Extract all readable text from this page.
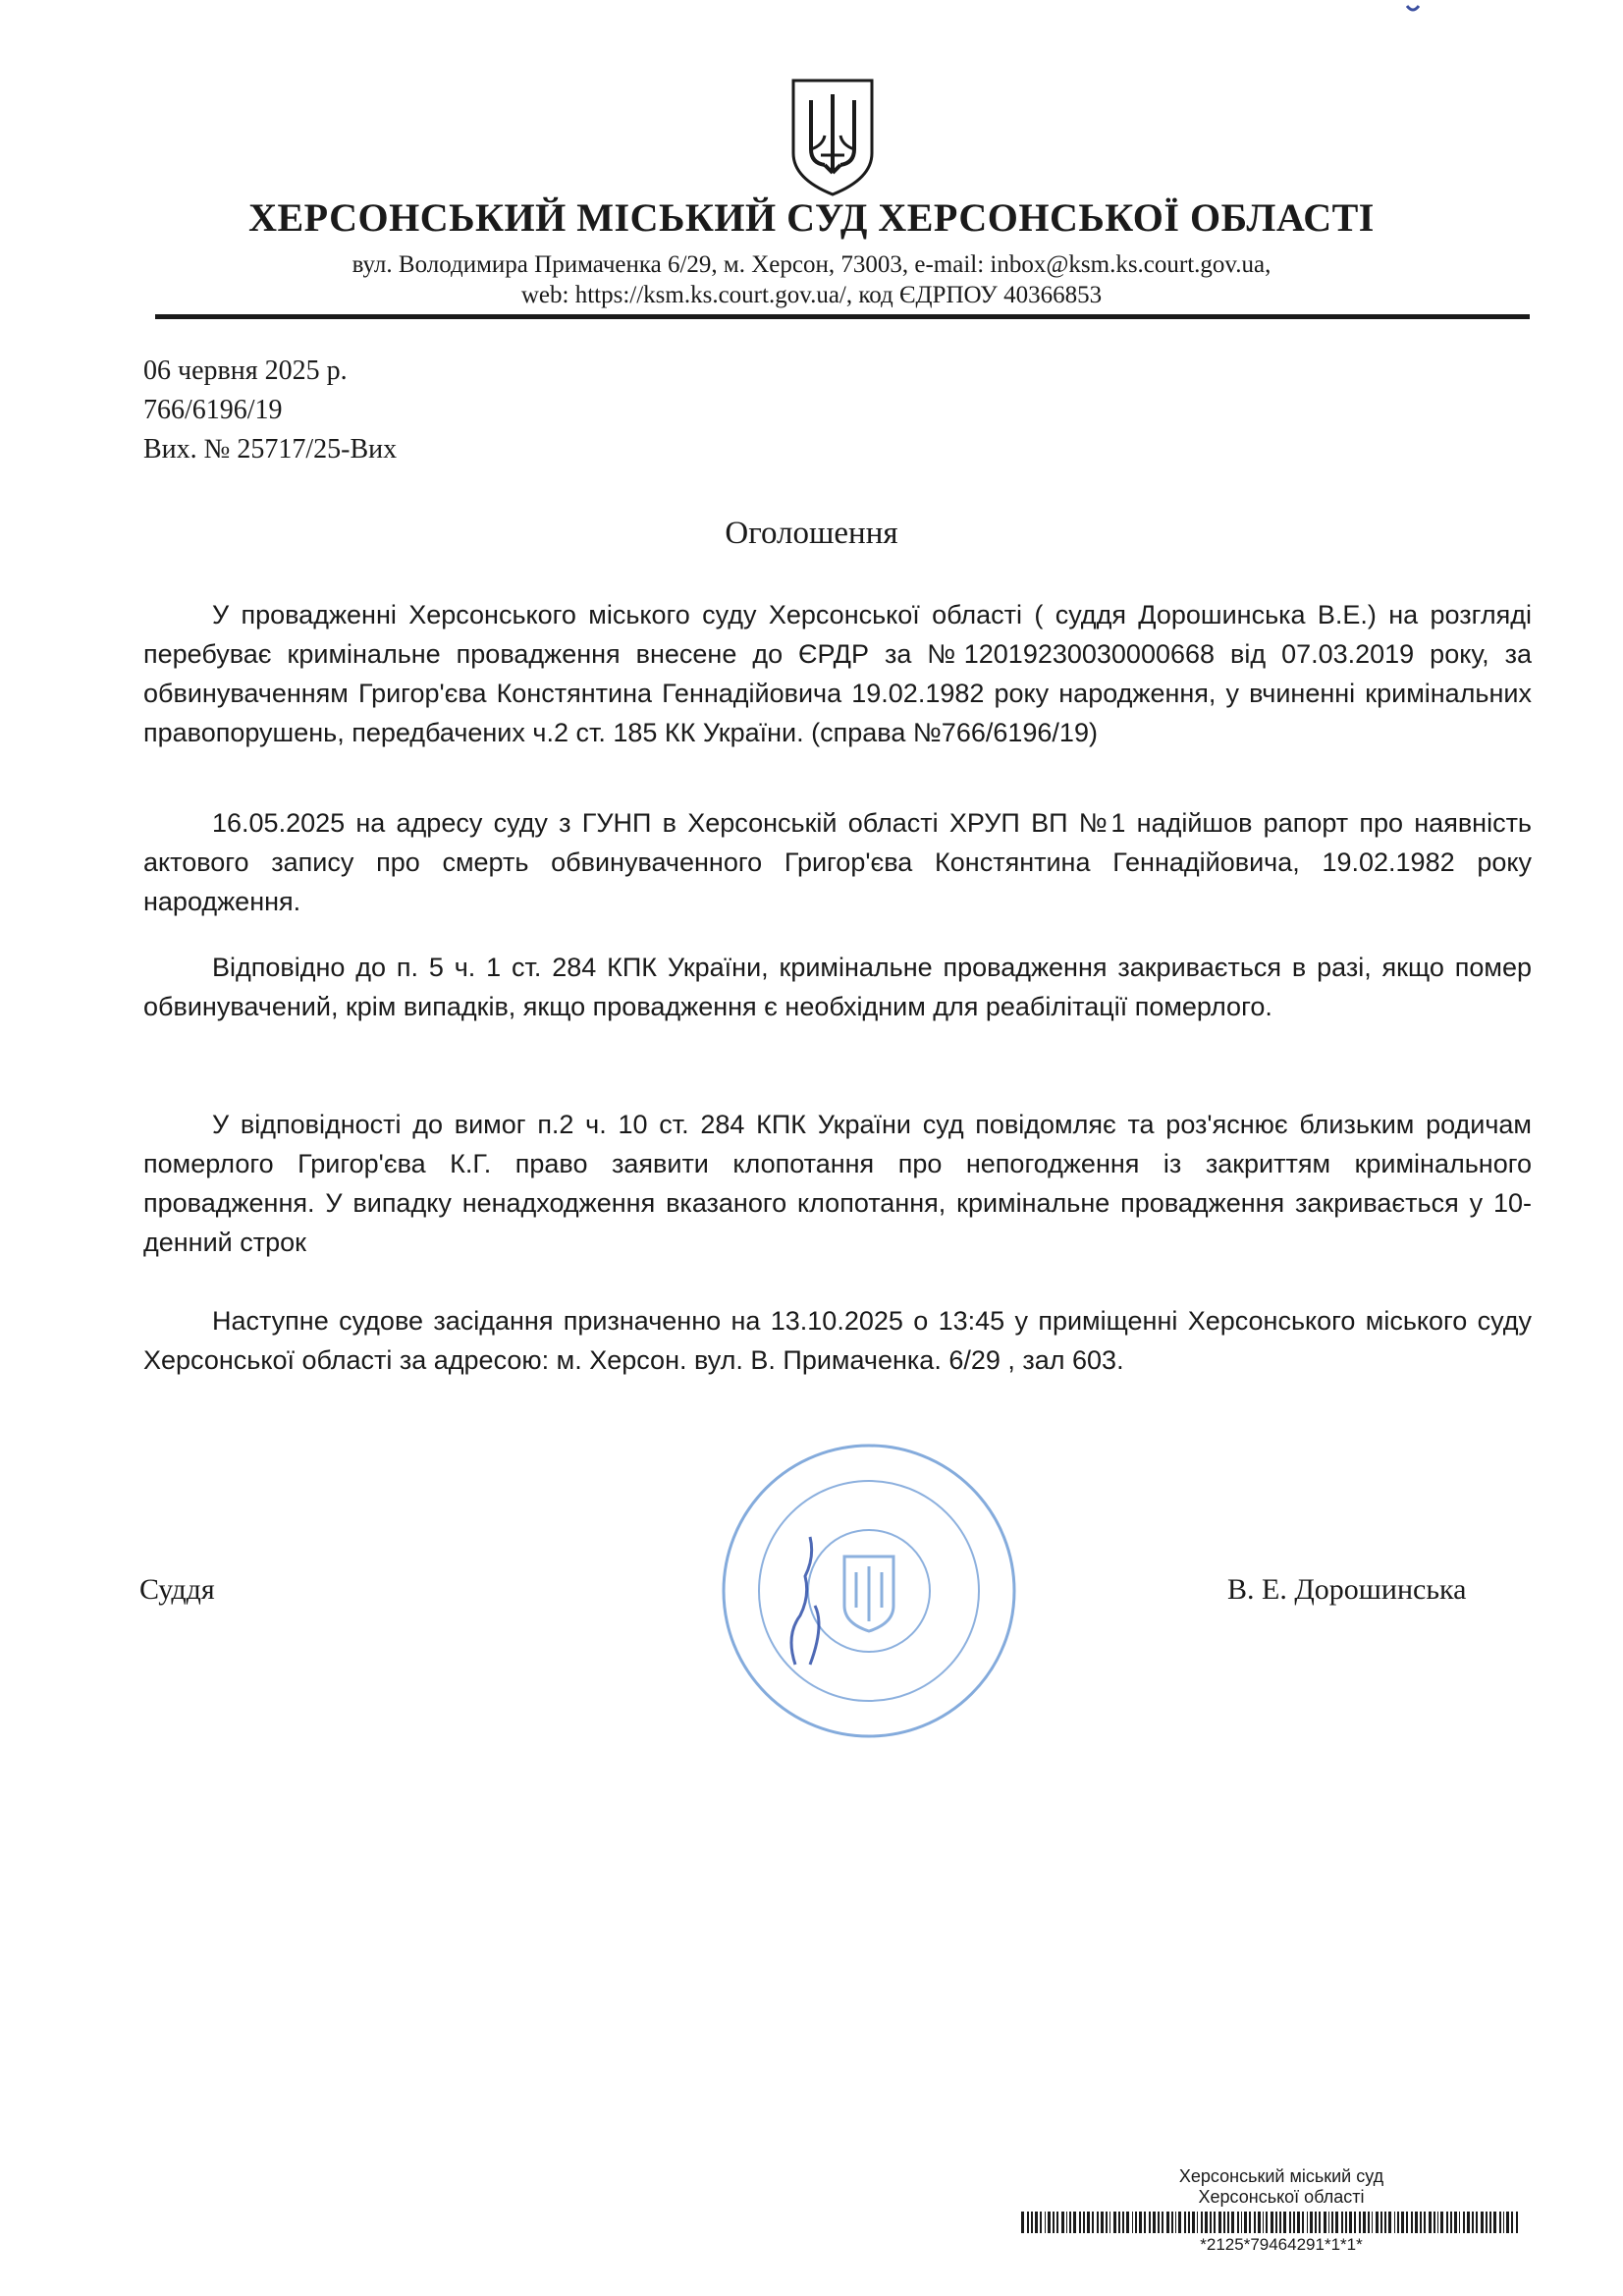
ХЕРСОНСЬКИЙ МІСЬКИЙ СУД ХЕРСОНСЬКОЇ ОБЛАСТІ
вул. Володимира Примаченка 6/29, м. Херсон, 73003, e-mail: inbox@ksm.ks.court.gov.ua,
web: https://ksm.ks.court.gov.ua/, код ЄДРПОУ 40366853
06 червня 2025 р.
766/6196/19
Вих. № 25717/25-Вих
Оголошення

У провадженні Херсонського міського суду Херсонської області ( суддя Дорошинська В.Е.) на розгляді перебуває кримінальне провадження внесене до ЄРДР за №12019230030000668 від 07.03.2019 року, за обвинуваченням Григор'єва Констянтина Геннадійовича 19.02.1982 року народження, у вчиненні кримінальних правопорушень, передбачених ч.2 ст. 185 КК України. (справа №766/6196/19)

16.05.2025 на адресу суду з ГУНП в Херсонській області ХРУП ВП №1 надійшов рапорт про наявність актового запису про смерть обвинуваченного Григор'єва Констянтина Геннадійовича, 19.02.1982 року народження.

Відповідно до п. 5 ч. 1 ст. 284 КПК України, кримінальне провадження закривається в разі, якщо помер обвинувачений, крім випадків, якщо провадження є необхідним для реабілітації померлого.

У відповідності до вимог п.2 ч. 10 ст. 284 КПК України суд повідомляє та роз'яснює близьким родичам померлого Григор'єва К.Г. право заявити клопотання про непогодження із закриттям кримінального провадження. У випадку ненадходження вказаного клопотання, кримінальне провадження закривається у 10-денний строк

Наступне судове засідання призначенно на 13.10.2025 о 13:45 у приміщенні Херсонського міського суду Херсонської області за адресою: м. Херсон. вул. В. Примаченка. 6/29 , зал 603.

Суддя	В. Е. Дорошинська
Херсонський міський суд
Херсонської області
*2125*79464291*1*1*
